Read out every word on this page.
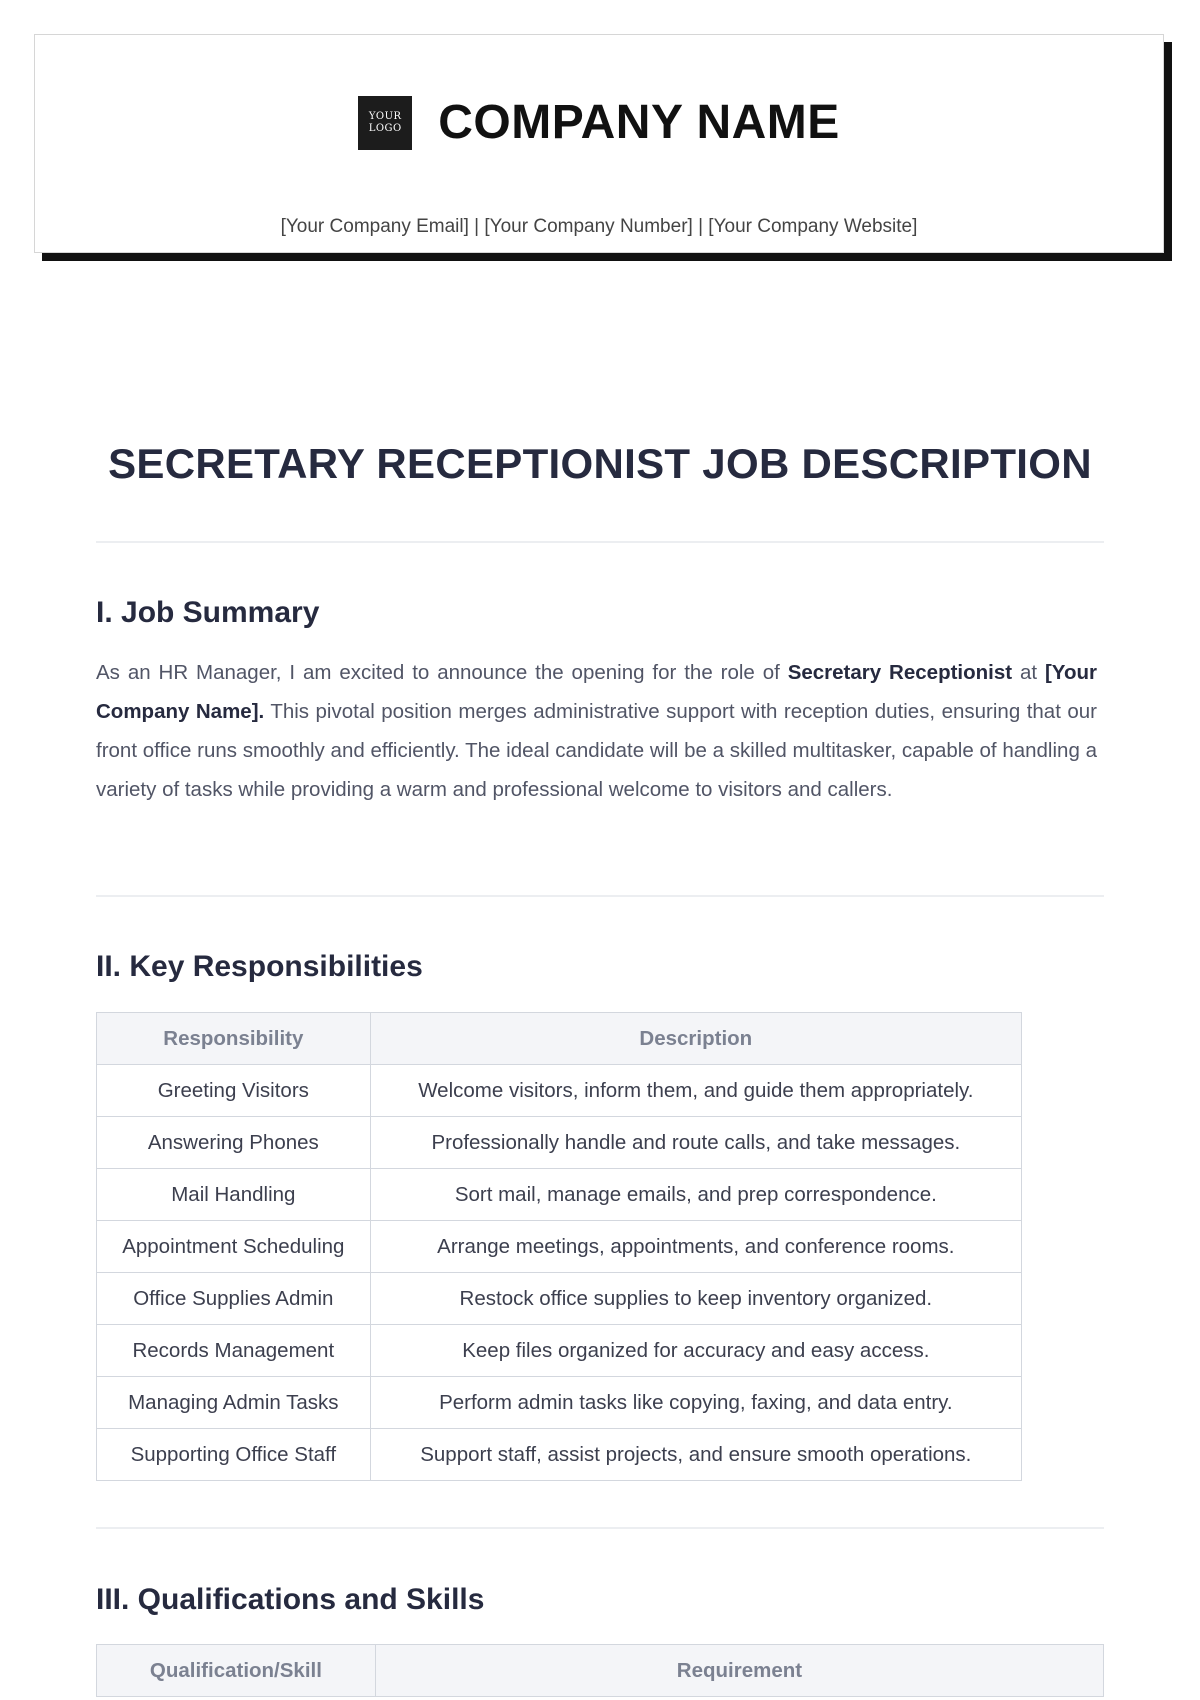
YOUR
LOGO COMPANY NAME
[Your Company Email] | [Your Company Number] | [Your Company Website]
SECRETARY RECEPTIONIST JOB DESCRIPTION
I. Job Summary

As an HR Manager, I am excited to announce the opening for the role of Secretary Receptionist at [Your Company Name]. This pivotal position merges administrative support with reception duties, ensuring that our front office runs smoothly and efficiently. The ideal candidate will be a skilled multitasker, capable of handling a variety of tasks while providing a warm and professional welcome to visitors and callers.

II. Key Responsibilities
Responsibility	Description
Greeting Visitors	Welcome visitors, inform them, and guide them appropriately.
Answering Phones	Professionally handle and route calls, and take messages.
Mail Handling	Sort mail, manage emails, and prep correspondence.
Appointment Scheduling	Arrange meetings, appointments, and conference rooms.
Office Supplies Admin	Restock office supplies to keep inventory organized.
Records Management	Keep files organized for accuracy and easy access.
Managing Admin Tasks	Perform admin tasks like copying, faxing, and data entry.
Supporting Office Staff	Support staff, assist projects, and ensure smooth operations.
III. Qualifications and Skills
Qualification/Skill	Requirement
